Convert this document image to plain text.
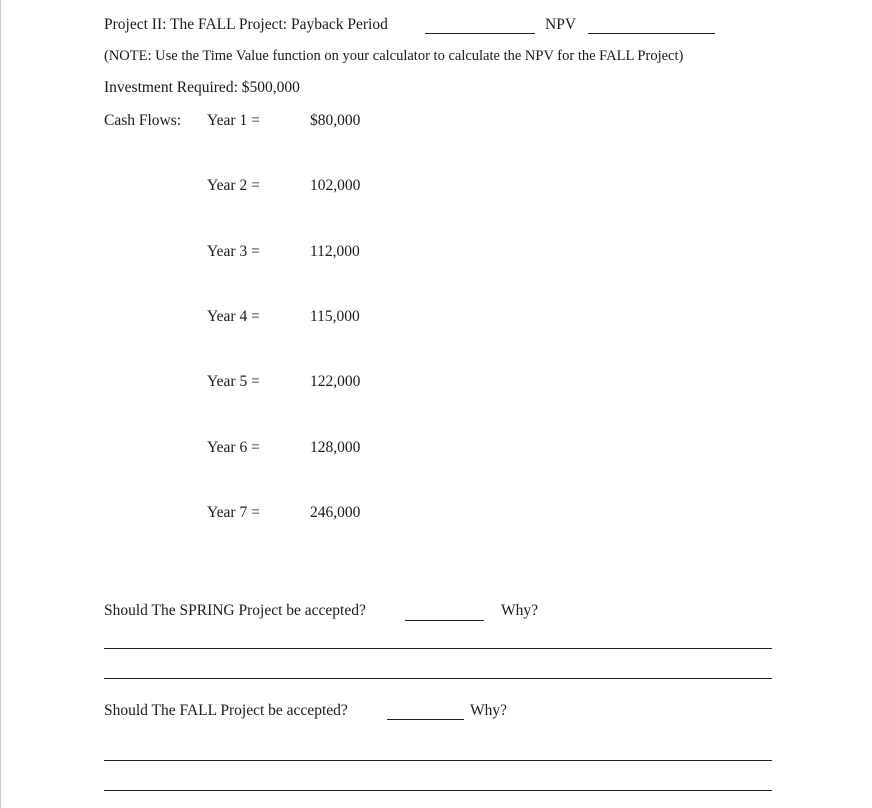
Project II: The FALL Project: Payback Period	NPV
(NOTE: Use the Time Value function on your calculator to calculate the NPV for the FALL Project)
Investment Required: $500,000
Cash Flows: Year 1 =	$80,000
Year 2 =	102,000
Year 3 =	112,000
Year 4 =	115,000
Year 5 =	122,000
Year 6 =	128,000
Year 7 =	246,000
Should The SPRING Project be accepted?	Why?
Should The FALL Project be accepted?	Why?
